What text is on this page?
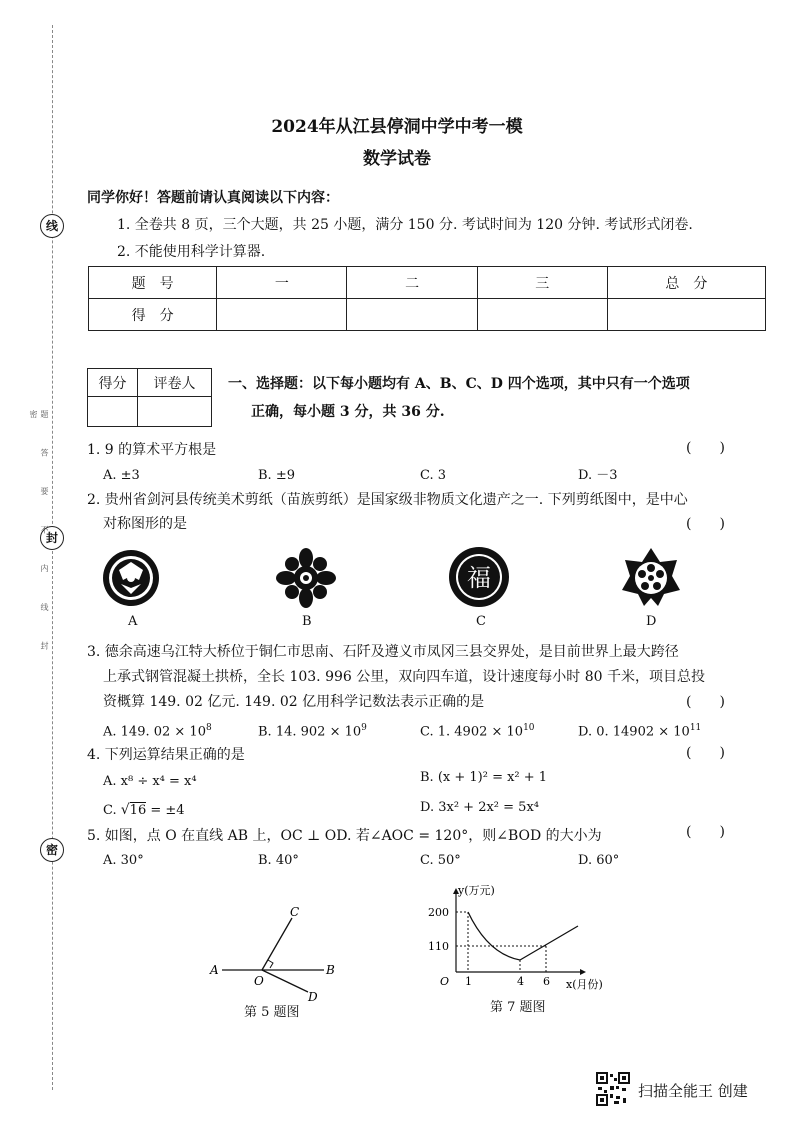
线
封
密
题 答 要 不 内 线 封 密
2024年从江县停洞中学中考一模
数学试卷
同学你好！答题前请认真阅读以下内容：
1. 全卷共 8 页，三个大题，共 25 小题，满分 150 分. 考试时间为 120 分钟. 考试形式闭卷.
2. 不能使用科学计算器.
题　号	一	二	三	总　分
得　分				
得分	评卷人
	一、选择题：以下每小题均有 A、B、C、D 四个选项，其中只有一个选项
正确，每小题 3 分，共 36 分.
1. 9 的算术平方根是	(　　)
A. ±3	B. ±9	C. 3	D. －3
2. 贵州省剑河县传统美术剪纸（苗族剪纸）是国家级非物质文化遗产之一. 下列剪纸图中，是中心
对称图形的是	(　　)
A	B
福
C	D
3. 德余高速乌江特大桥位于铜仁市思南、石阡及遵义市凤冈三县交界处，是目前世界上最大跨径
上承式钢管混凝土拱桥，全长 103. 996 公里，双向四车道，设计速度每小时 80 千米，项目总投
资概算 149. 02 亿元. 149. 02 亿用科学记数法表示正确的是	(　　)
A. 149. $02 \times 10^8$	B. 14. $902 \times 10^9$	C. 1. $4902 \times 10^{10}$	D. 0. $14902 \times 10^{11}$
4. 下列运算结果正确的是	(　　)
A. x⁸ ÷ x⁴ = x⁴	B. (x + 1)² = x² + 1
C. √16 = ±4	D. 3x² + 2x² = 5x⁴
5. 如图，点 O 在直线 AB 上，OC ⊥ OD. 若∠AOC = 120°，则∠BOD 的大小为	(　　)
A. 30°	B. 40°	C. 50°	D. 60°
A	B
C
D
O
第 5 题图
y(万元)
x(月份)
O
200
110
1	4 6
第 7 题图
扫描全能王 创建
